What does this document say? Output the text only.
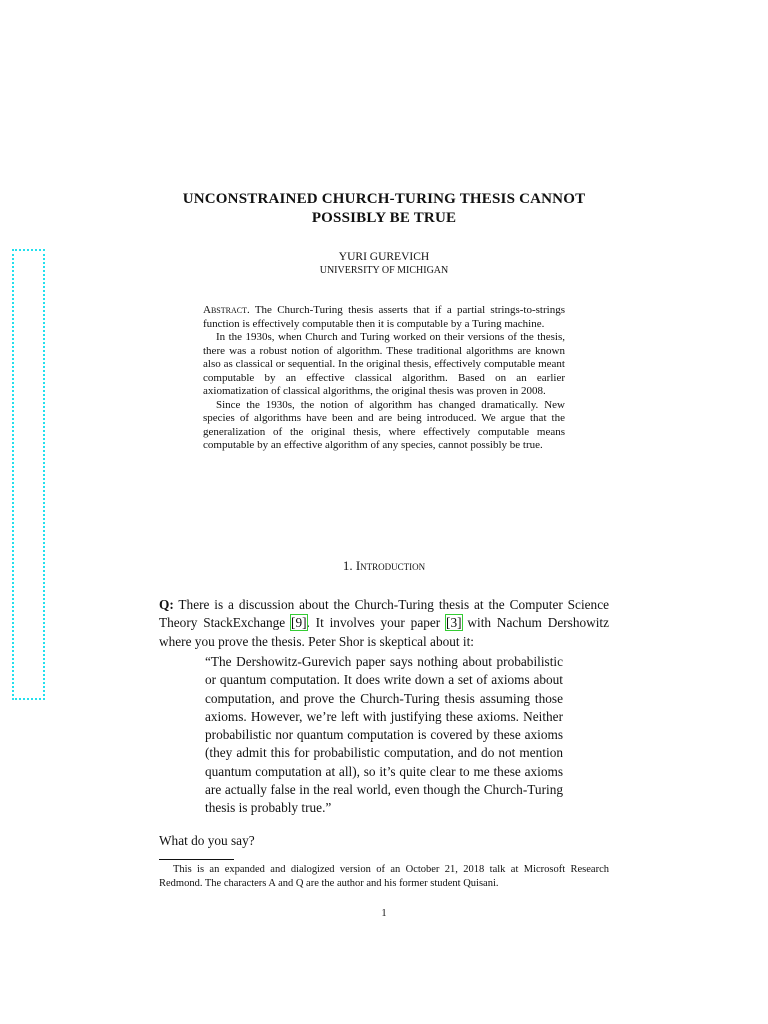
UNCONSTRAINED CHURCH-TURING THESIS CANNOT
POSSIBLY BE TRUE
YURI GUREVICH
UNIVERSITY OF MICHIGAN

Abstract. The Church-Turing thesis asserts that if a partial strings-to-strings function is effectively computable then it is computable by a Turing machine.

In the 1930s, when Church and Turing worked on their versions of the thesis, there was a robust notion of algorithm. These traditional algorithms are known also as classical or sequential. In the original thesis, effectively computable meant computable by an effective classical algorithm. Based on an earlier axiomatization of classical algorithms, the original thesis was proven in 2008.

Since the 1930s, the notion of algorithm has changed dramatically. New species of algorithms have been and are being introduced. We argue that the generalization of the original thesis, where effectively computable means computable by an effective algorithm of any species, cannot possibly be true.

1. Introduction

Q: There is a discussion about the Church-Turing thesis at the Computer Science Theory StackExchange [9]. It involves your paper [3] with Nachum Dershowitz where you prove the thesis. Peter Shor is skeptical about it:

“The Dershowitz-Gurevich paper says nothing about probabilistic or quantum computation. It does write down a set of axioms about computation, and prove the Church-Turing thesis assuming those axioms. However, we’re left with justifying these axioms. Neither probabilistic nor quantum computation is covered by these axioms (they admit this for probabilistic computation, and do not mention quantum computation at all), so it’s quite clear to me these axioms are actually false in the real world, even though the Church-Turing thesis is probably true.”

What do you say?

This is an expanded and dialogized version of an October 21, 2018 talk at Microsoft Research Redmond. The characters A and Q are the author and his former student Quisani.

1
